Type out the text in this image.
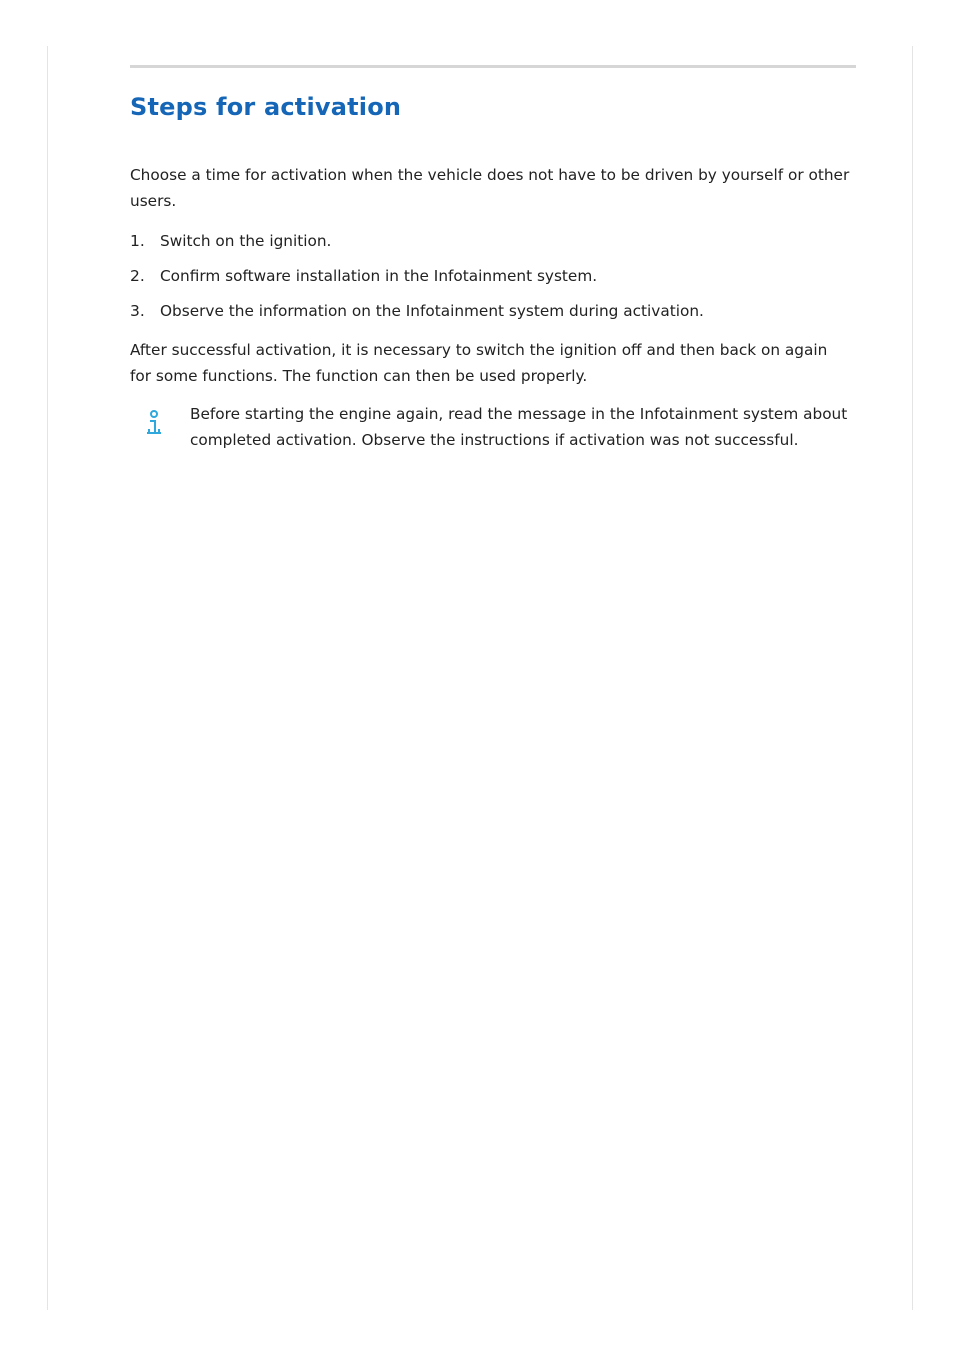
Steps for activation

Choose a time for activation when the vehicle does not have to be driven by yourself or other users.

1. Switch on the ignition.
2. Confirm software installation in the Infotainment system.
3. Observe the information on the Infotainment system during activation.

After successful activation, it is necessary to switch the ignition off and then back on again for some functions. The function can then be used properly.

Before starting the engine again, read the message in the Infotainment system about completed activation. Observe the instructions if activation was not successful.
